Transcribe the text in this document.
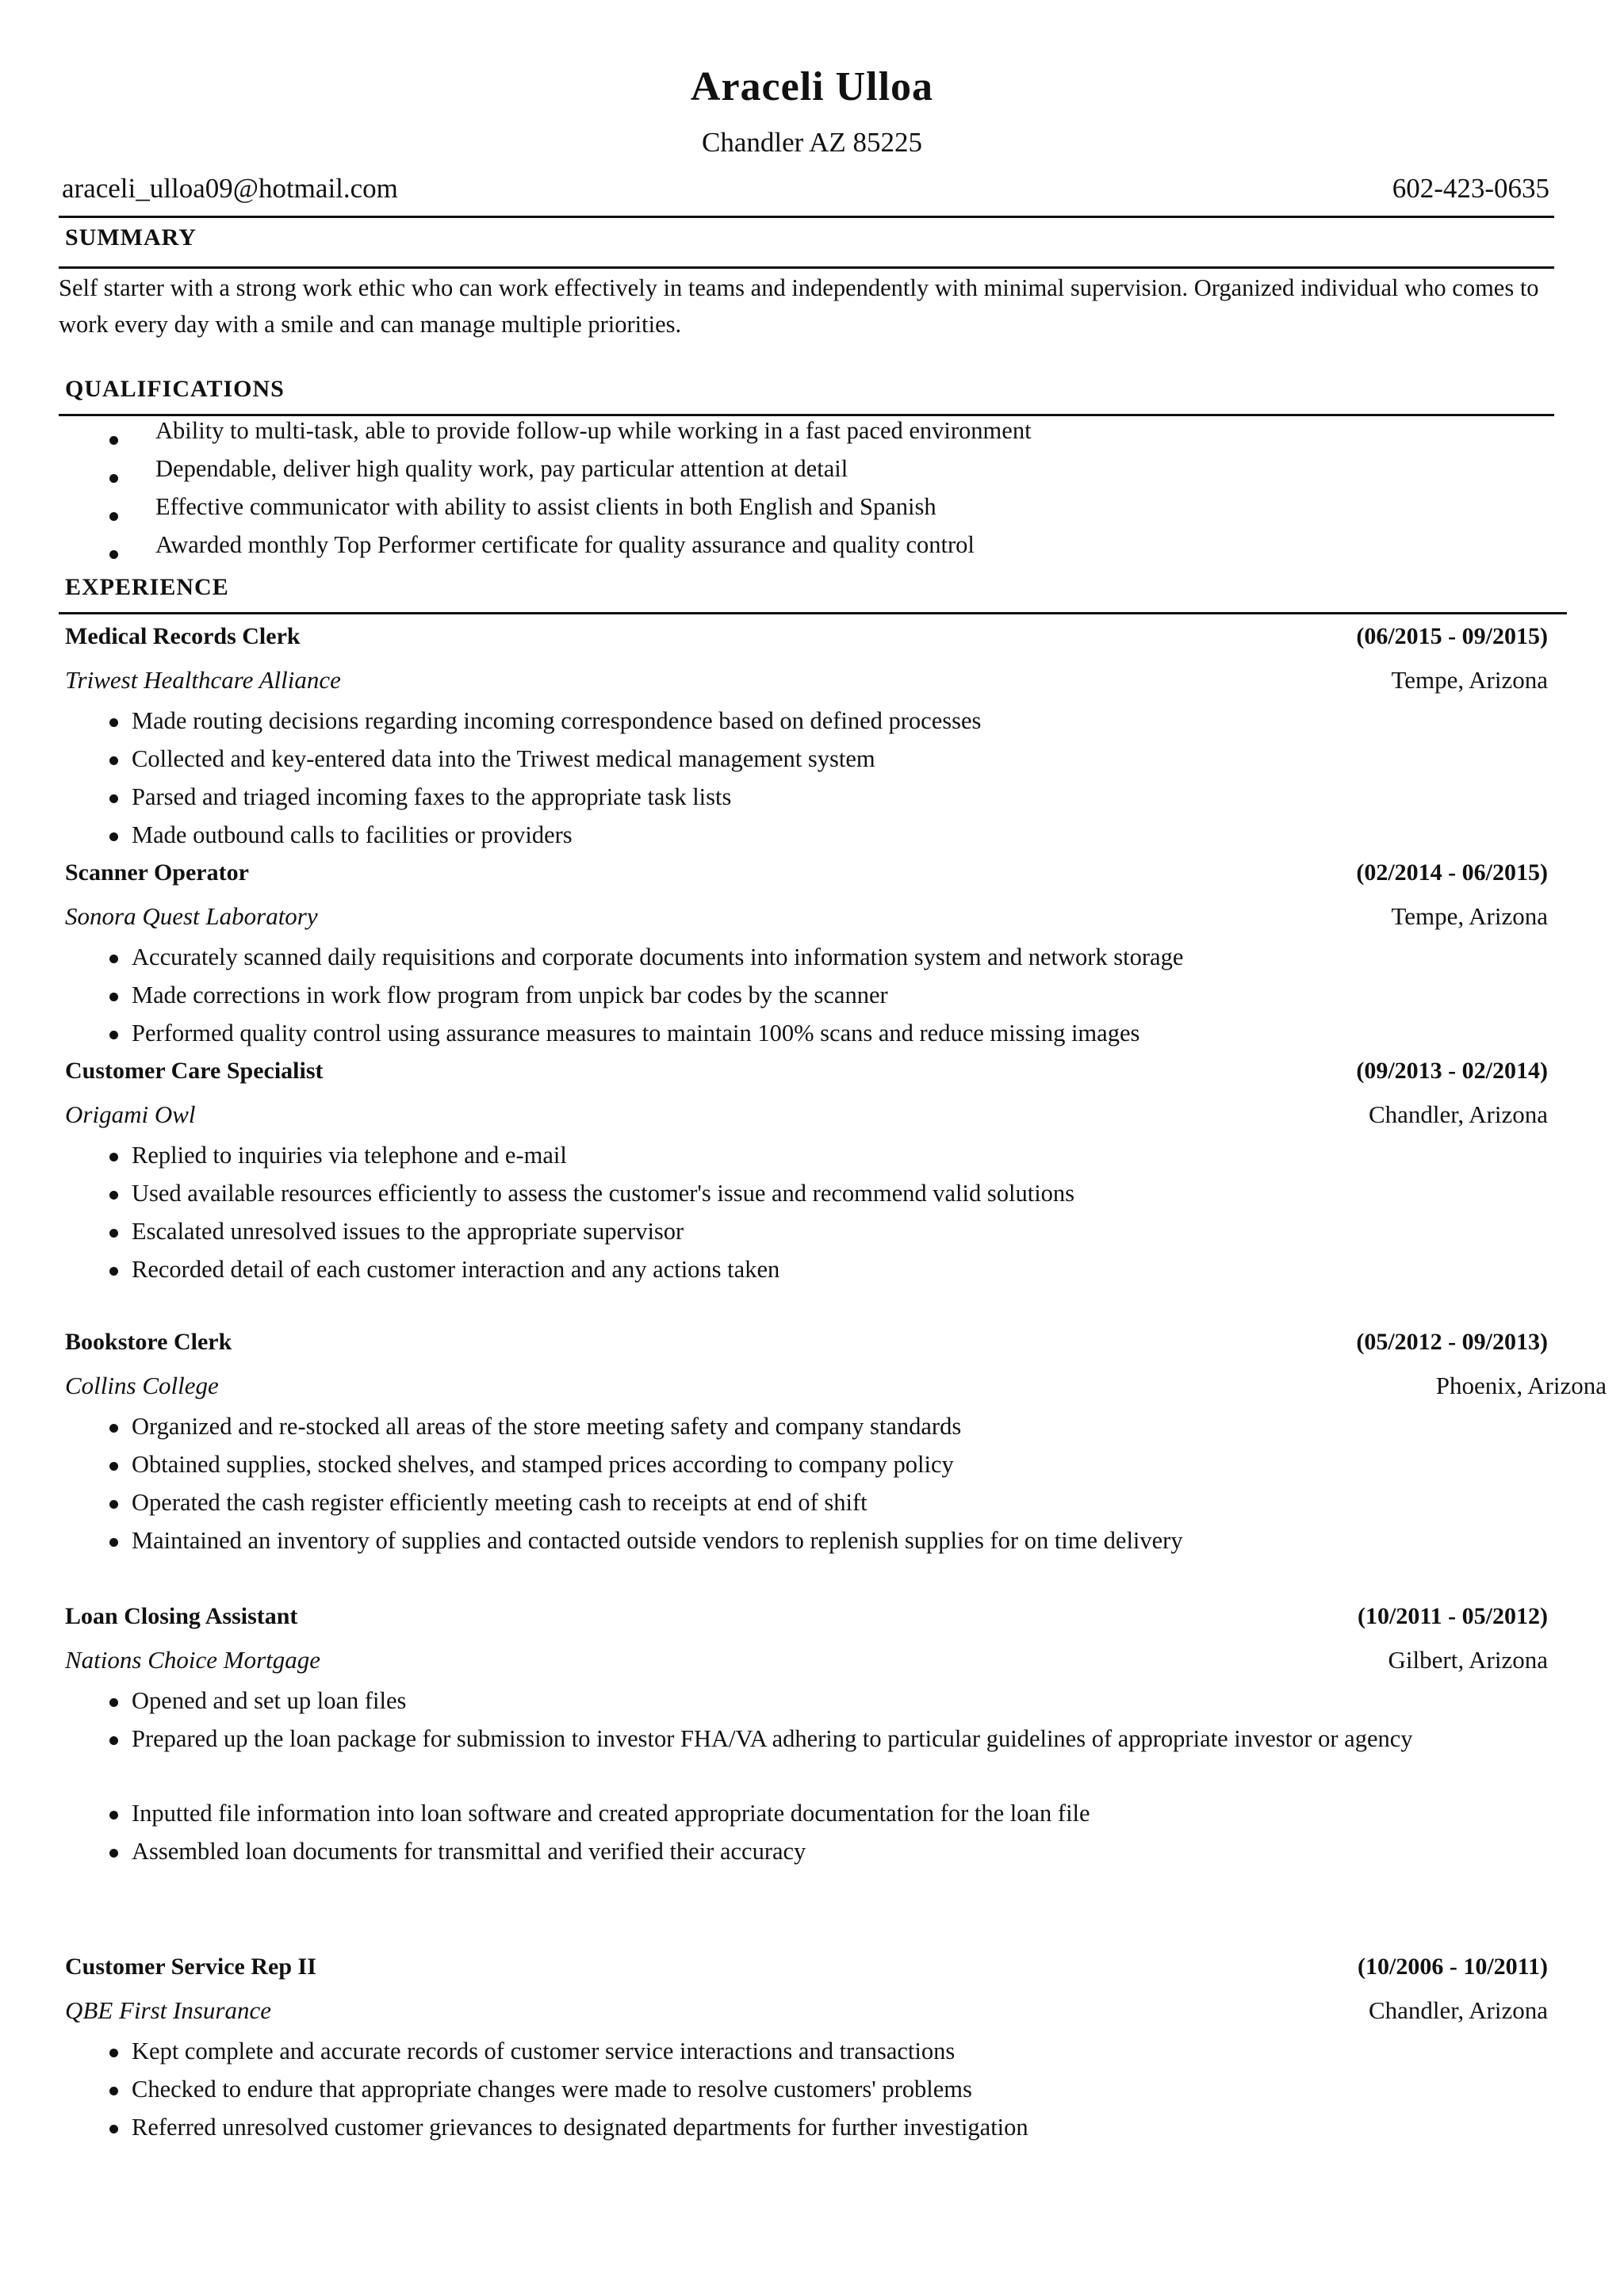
Araceli Ulloa
Chandler AZ 85225
araceli_ulloa09@hotmail.com	602-423-0635
SUMMARY
Self starter with a strong work ethic who can work effectively in teams and independently with minimal supervision. Organized individual who comes to work every day with a smile and can manage multiple priorities.
QUALIFICATIONS
Ability to multi-task, able to provide follow-up while working in a fast paced environment
Dependable, deliver high quality work, pay particular attention at detail
Effective communicator with ability to assist clients in both English and Spanish
Awarded monthly Top Performer certificate for quality assurance and quality control
EXPERIENCE
Medical Records Clerk	(06/2015 - 09/2015)
Triwest Healthcare Alliance	Tempe, Arizona
Made routing decisions regarding incoming correspondence based on defined processes
Collected and key-entered data into the Triwest medical management system
Parsed and triaged incoming faxes to the appropriate task lists
Made outbound calls to facilities or providers
Scanner Operator	(02/2014 - 06/2015)
Sonora Quest Laboratory	Tempe, Arizona
Accurately scanned daily requisitions and corporate documents into information system and network storage
Made corrections in work flow program from unpick bar codes by the scanner
Performed quality control using assurance measures to maintain 100% scans and reduce missing images
Customer Care Specialist	(09/2013 - 02/2014)
Origami Owl	Chandler, Arizona
Replied to inquiries via telephone and e-mail
Used available resources efficiently to assess the customer's issue and recommend valid solutions
Escalated unresolved issues to the appropriate supervisor
Recorded detail of each customer interaction and any actions taken
Bookstore Clerk	(05/2012 - 09/2013)
Collins College	Phoenix, Arizona
Organized and re-stocked all areas of the store meeting safety and company standards
Obtained supplies, stocked shelves, and stamped prices according to company policy
Operated the cash register efficiently meeting cash to receipts at end of shift
Maintained an inventory of supplies and contacted outside vendors to replenish supplies for on time delivery
Loan Closing Assistant	(10/2011 - 05/2012)
Nations Choice Mortgage	Gilbert, Arizona
Opened and set up loan files
Prepared up the loan package for submission to investor FHA/VA adhering to particular guidelines of appropriate investor or agency
Inputted file information into loan software and created appropriate documentation for the loan file
Assembled loan documents for transmittal and verified their accuracy
Customer Service Rep II	(10/2006 - 10/2011)
QBE First Insurance	Chandler, Arizona
Kept complete and accurate records of customer service interactions and transactions
Checked to endure that appropriate changes were made to resolve customers' problems
Referred unresolved customer grievances to designated departments for further investigation
